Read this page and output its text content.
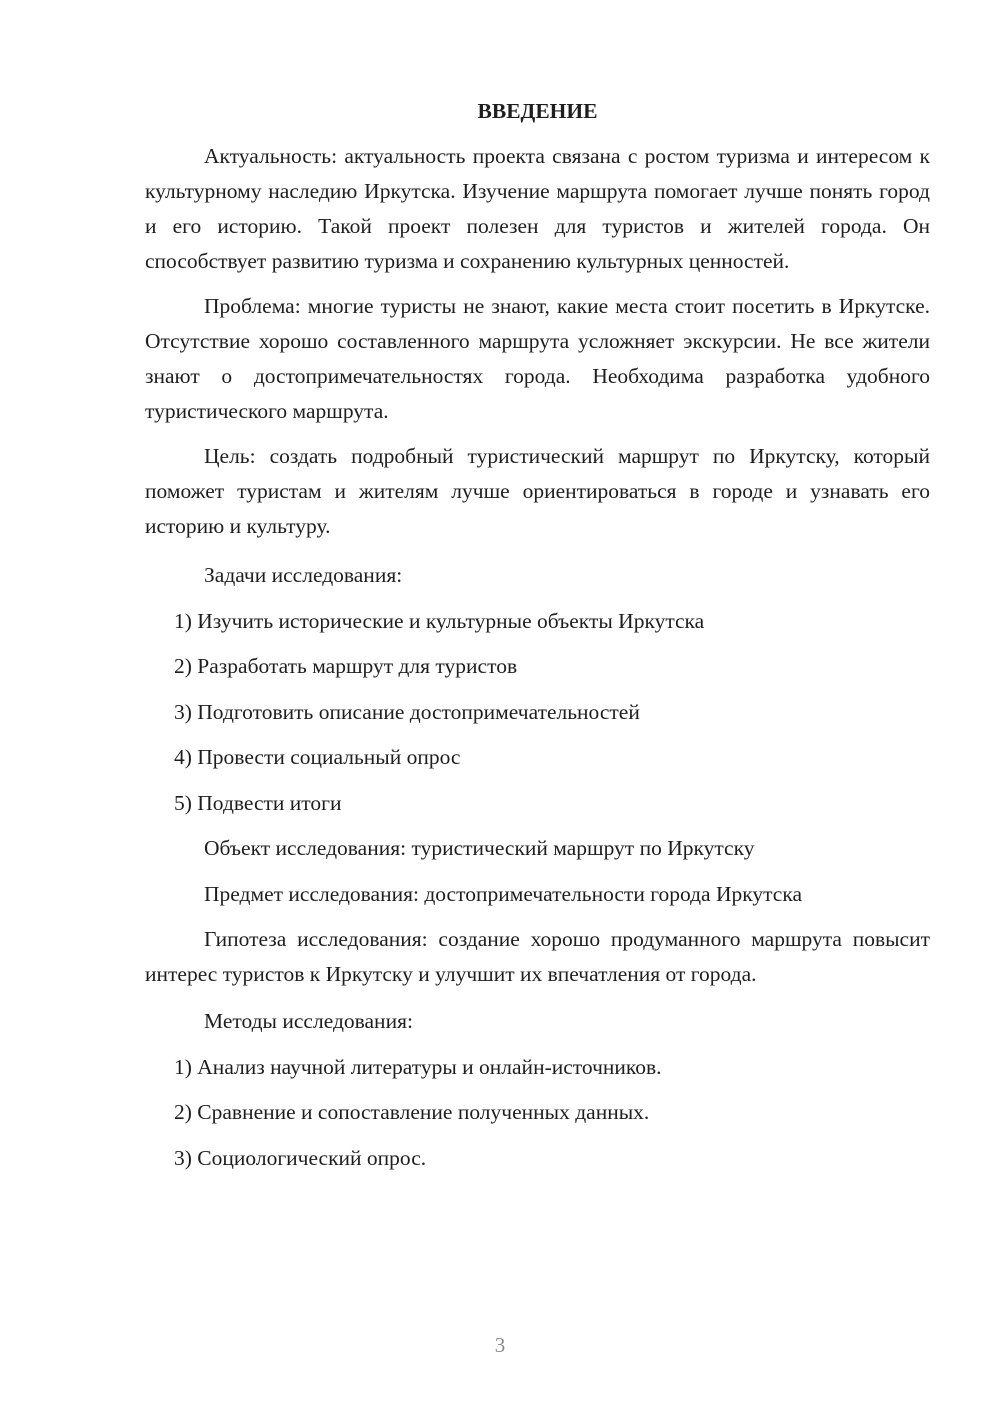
ВВЕДЕНИЕ

Актуальность: актуальность проекта связана с ростом туризма и интересом к культурному наследию Иркутска. Изучение маршрута помогает лучше понять город и его историю. Такой проект полезен для туристов и жителей города. Он способствует развитию туризма и сохранению культурных ценностей.

Проблема: многие туристы не знают, какие места стоит посетить в Иркутске. Отсутствие хорошо составленного маршрута усложняет экскурсии. Не все жители знают о достопримечательностях города. Необходима разработка удобного туристического маршрута.

Цель: создать подробный туристический маршрут по Иркутску, который поможет туристам и жителям лучше ориентироваться в городе и узнавать его историю и культуру.

Задачи исследования:
1) Изучить исторические и культурные объекты Иркутска
2) Разработать маршрут для туристов
3) Подготовить описание достопримечательностей
4) Провести социальный опрос
5) Подвести итоги
Объект исследования: туристический маршрут по Иркутску
Предмет исследования: достопримечательности города Иркутска

Гипотеза исследования: создание хорошо продуманного маршрута повысит интерес туристов к Иркутску и улучшит их впечатления от города.

Методы исследования:
1) Анализ научной литературы и онлайн-источников.
2) Сравнение и сопоставление полученных данных.
3) Социологический опрос.
3
